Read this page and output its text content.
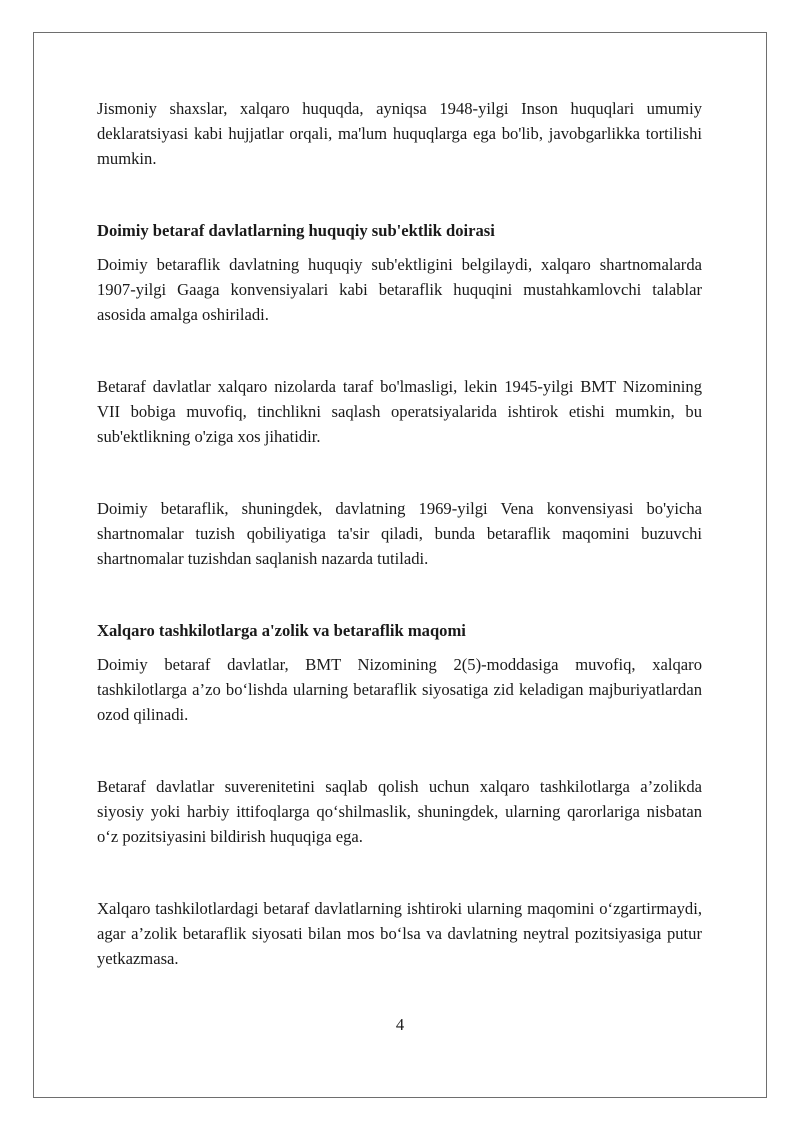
Jismoniy shaxslar, xalqaro huquqda, ayniqsa 1948-yilgi Inson huquqlari umumiy deklaratsiyasi kabi hujjatlar orqali, ma'lum huquqlarga ega bo'lib, javobgarlikka tortilishi mumkin.

Doimiy betaraf davlatlarning huquqiy sub'ektlik doirasi

Doimiy betaraflik davlatning huquqiy sub'ektligini belgilaydi, xalqaro shartnomalarda 1907-yilgi Gaaga konvensiyalari kabi betaraflik huquqini mustahkamlovchi talablar asosida amalga oshiriladi.

Betaraf davlatlar xalqaro nizolarda taraf bo'lmasligi, lekin 1945-yilgi BMT Nizomining VII bobiga muvofiq, tinchlikni saqlash operatsiyalarida ishtirok etishi mumkin, bu sub'ektlikning o'ziga xos jihatidir.

Doimiy betaraflik, shuningdek, davlatning 1969-yilgi Vena konvensiyasi bo'yicha shartnomalar tuzish qobiliyatiga ta'sir qiladi, bunda betaraflik maqomini buzuvchi shartnomalar tuzishdan saqlanish nazarda tutiladi.

Xalqaro tashkilotlarga a'zolik va betaraflik maqomi

Doimiy betaraf davlatlar, BMT Nizomining 2(5)-moddasiga muvofiq, xalqaro tashkilotlarga a’zo bo‘lishda ularning betaraflik siyosatiga zid keladigan majburiyatlardan ozod qilinadi.

Betaraf davlatlar suverenitetini saqlab qolish uchun xalqaro tashkilotlarga a’zolikda siyosiy yoki harbiy ittifoqlarga qo‘shilmaslik, shuningdek, ularning qarorlariga nisbatan o‘z pozitsiyasini bildirish huquqiga ega.

Xalqaro tashkilotlardagi betaraf davlatlarning ishtiroki ularning maqomini o‘zgartirmaydi, agar a’zolik betaraflik siyosati bilan mos bo‘lsa va davlatning neytral pozitsiyasiga putur yetkazmasa.

4
